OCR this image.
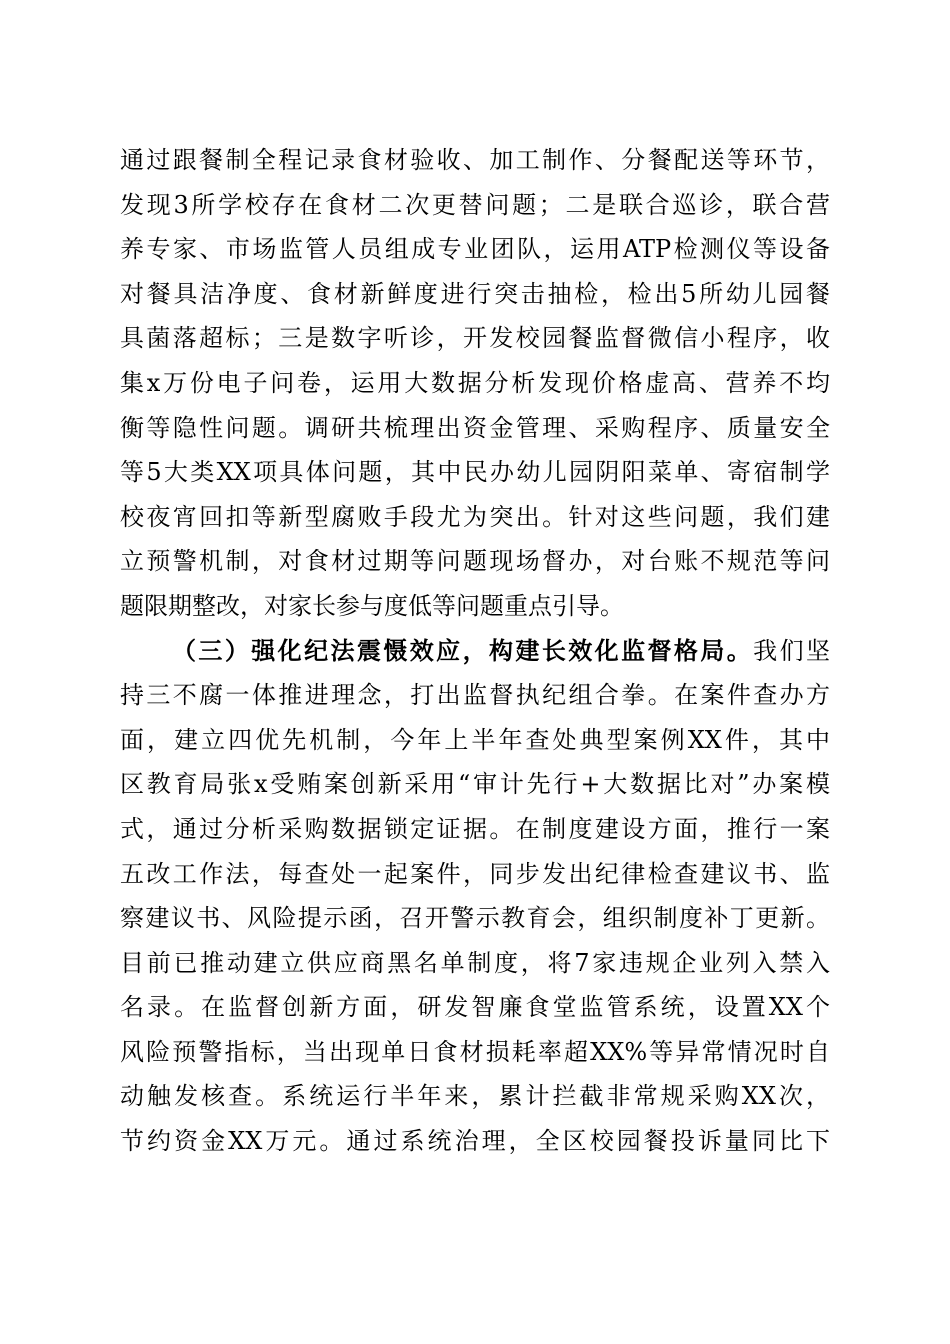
通过跟餐制全程记录食材验收、加工制作、分餐配送等环节，
发现3所学校存在食材二次更替问题；二是联合巡诊，联合营
养专家、市场监管人员组成专业团队，运用ATP检测仪等设备
对餐具洁净度、食材新鲜度进行突击抽检，检出5所幼儿园餐
具菌落超标；三是数字听诊，开发校园餐监督微信小程序，收
集x万份电子问卷，运用大数据分析发现价格虚高、营养不均
衡等隐性问题。调研共梳理出资金管理、采购程序、质量安全
等5大类XX项具体问题，其中民办幼儿园阴阳菜单、寄宿制学
校夜宵回扣等新型腐败手段尤为突出。针对这些问题，我们建
立预警机制，对食材过期等问题现场督办，对台账不规范等问
题限期整改，对家长参与度低等问题重点引导。
（三）强化纪法震慑效应，构建长效化监督格局。我们坚
持三不腐一体推进理念，打出监督执纪组合拳。在案件查办方
面，建立四优先机制，今年上半年查处典型案例XX件，其中
区教育局张x受贿案创新采用“审计先行+大数据比对”办案模
式，通过分析采购数据锁定证据。在制度建设方面，推行一案
五改工作法，每查处一起案件，同步发出纪律检查建议书、监
察建议书、风险提示函，召开警示教育会，组织制度补丁更新。
目前已推动建立供应商黑名单制度，将7家违规企业列入禁入
名录。在监督创新方面，研发智廉食堂监管系统，设置XX个
风险预警指标，当出现单日食材损耗率超XX%等异常情况时自
动触发核查。系统运行半年来，累计拦截非常规采购XX次，
节约资金XX万元。通过系统治理，全区校园餐投诉量同比下
